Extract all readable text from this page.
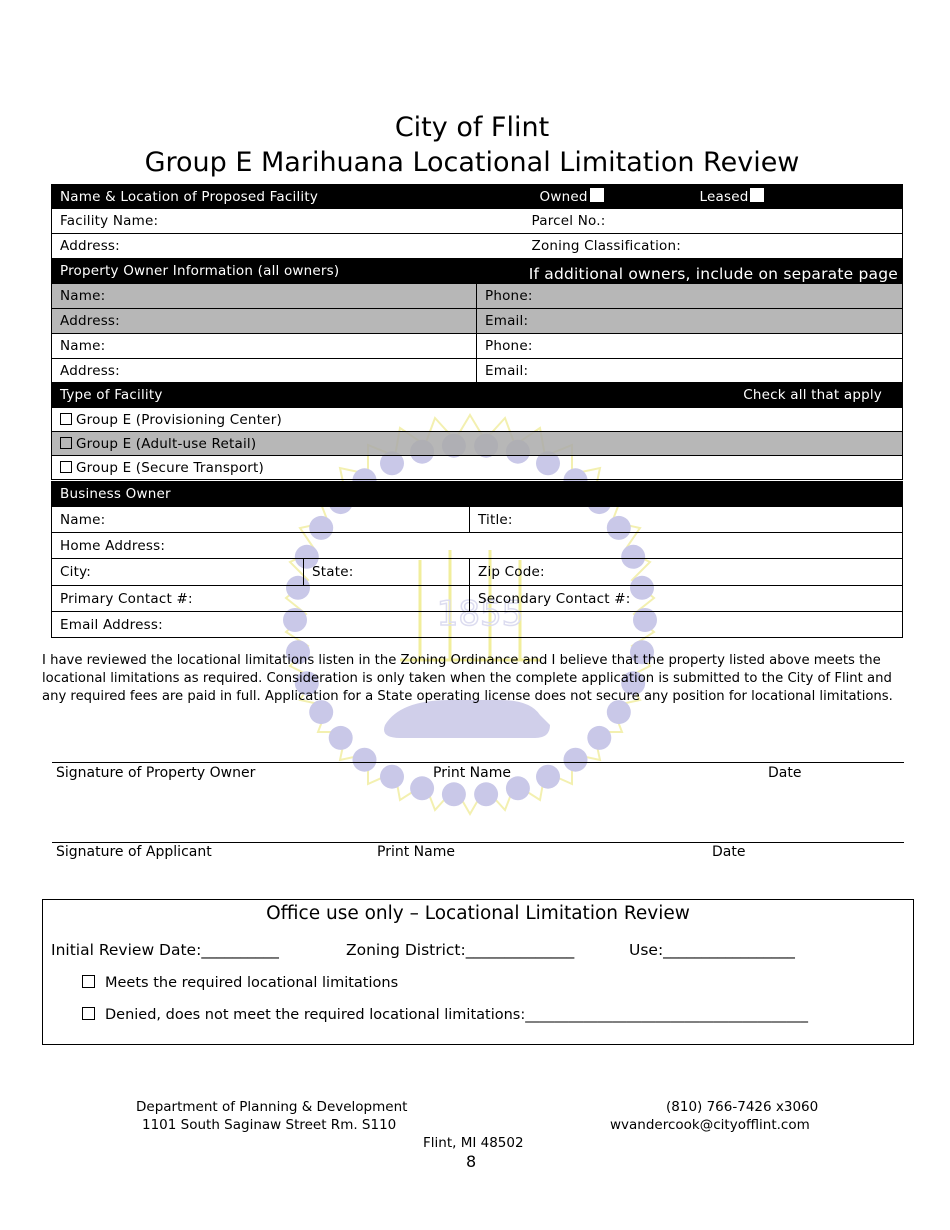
1855
City of Flint
Group E Marihuana Locational Limitation Review
Name & Location of Proposed Facility	Owned	Leased
Facility Name:	Parcel No.:	
Address:	Zoning Classification:	
Property Owner Information (all owners)	If additional owners, include on separate page
Name:	Phone:
Address:	Email:
Name:	Phone:
Address:	Email:
Type of Facility	Check all that apply
Group E (Provisioning Center)
Group E (Adult-use Retail)
Group E (Secure Transport)
Business Owner		
Name:		Title:
Home Address:		
City:	State:	Zip Code:
Primary Contact #:		Secondary Contact #:
Email Address:		
I have reviewed the locational limitations listen in the Zoning Ordinance and I believe that the property listed above meets the locational limitations as required. Consideration is only taken when the complete application is submitted to the City of Flint and any required fees are paid in full. Application for a State operating license does not secure any position for locational limitations.
Signature of Property Owner	Print Name	Date
Signature of Applicant	Print Name	Date
Office use only – Locational Limitation Review
Initial Review Date:__________	Zoning District:______________	Use:_________________
Meets the required locational limitations
Denied, does not meet the required locational limitations:_______________________________________
Department of Planning & Development
1101 South Saginaw Street Rm. S110
Flint, MI 48502
(810) 766-7426 x3060
wvandercook@cityofflint.com
8
